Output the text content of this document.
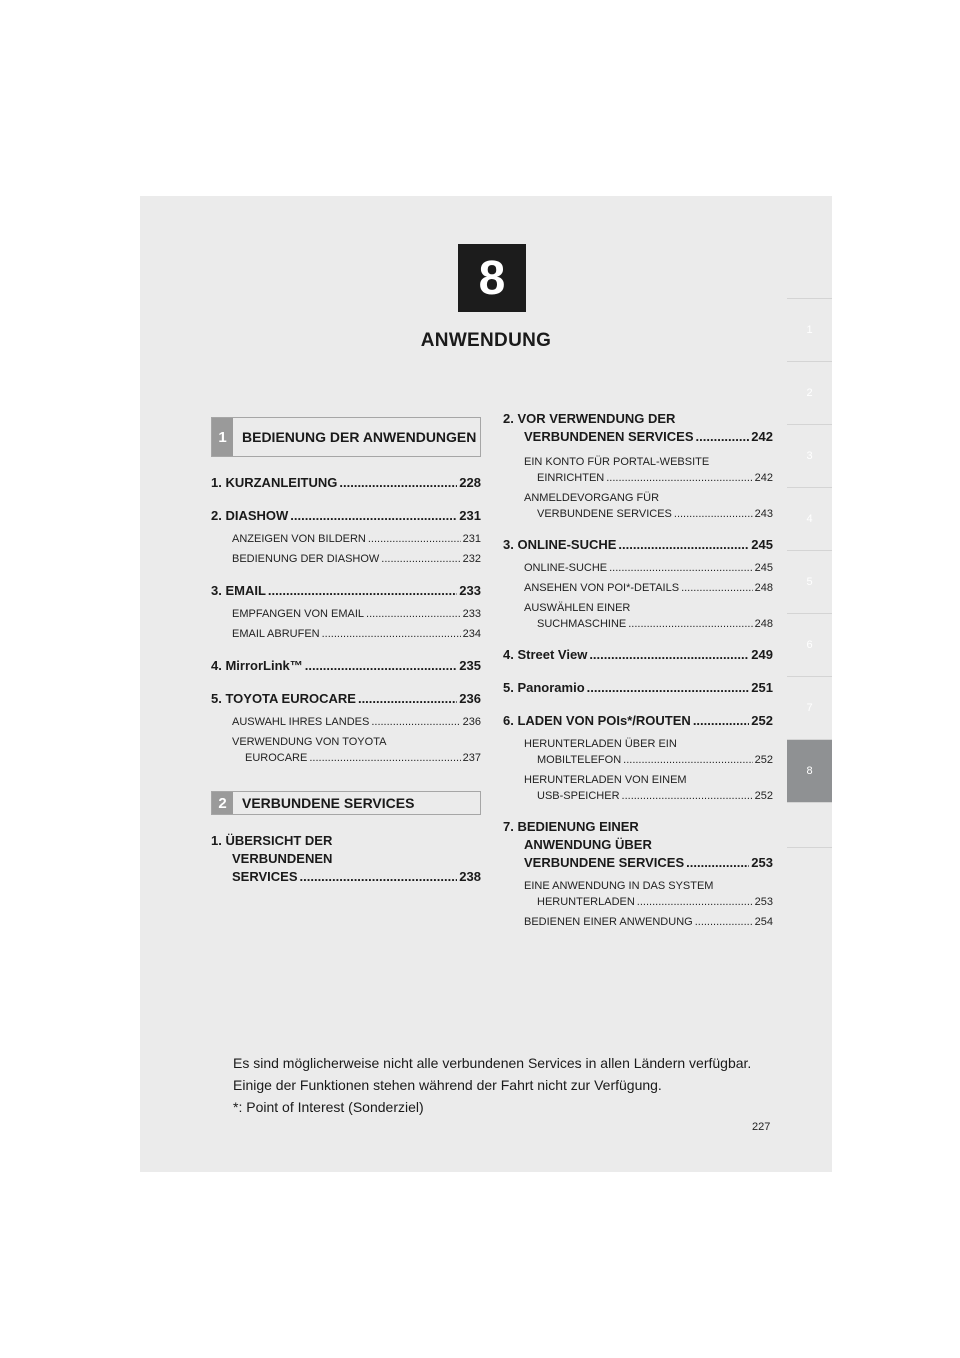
8
ANWENDUNG	1
2
3
4
5
6
7
8
1	BEDIENUNG DER ANWENDUNGEN
1. KURZANLEITUNG .....	228
2. DIASHOW .....	231
ANZEIGEN VON BILDERN .....	231
BEDIENUNG DER DIASHOW .....	232
3. EMAIL .....	233
EMPFANGEN VON EMAIL .....	233
EMAIL ABRUFEN .....	234
4. MirrorLink™ .....	235
5. TOYOTA EUROCARE .....	236
AUSWAHL IHRES LANDES .....	236
VERWENDUNG VON TOYOTA
EUROCARE .....	237
2	VERBUNDENE SERVICES
1. ÜBERSICHT DER
VERBUNDENEN
SERVICES .....	238
2. VOR VERWENDUNG DER
VERBUNDENEN SERVICES .....	242
EIN KONTO FÜR PORTAL-WEBSITE
EINRICHTEN .....	242
ANMELDEVORGANG FÜR
VERBUNDENE SERVICES .....	243
3. ONLINE-SUCHE .....	245
ONLINE-SUCHE .....	245
ANSEHEN VON POI*-DETAILS .....	248
AUSWÄHLEN EINER
SUCHMASCHINE .....	248
4. Street View .....	249
5. Panoramio .....	251
6. LADEN VON POIs*/ROUTEN .....	252
HERUNTERLADEN ÜBER EIN
MOBILTELEFON .....	252
HERUNTERLADEN VON EINEM
USB-SPEICHER .....	252
7. BEDIENUNG EINER
ANWENDUNG ÜBER
VERBUNDENE SERVICES .....	253
EINE ANWENDUNG IN DAS SYSTEM
HERUNTERLADEN .....	253
BEDIENEN EINER ANWENDUNG .....	254
Es sind möglicherweise nicht alle verbundenen Services in allen Ländern verfügbar.
Einige der Funktionen stehen während der Fahrt nicht zur Verfügung.
*: Point of Interest (Sonderziel)
227
